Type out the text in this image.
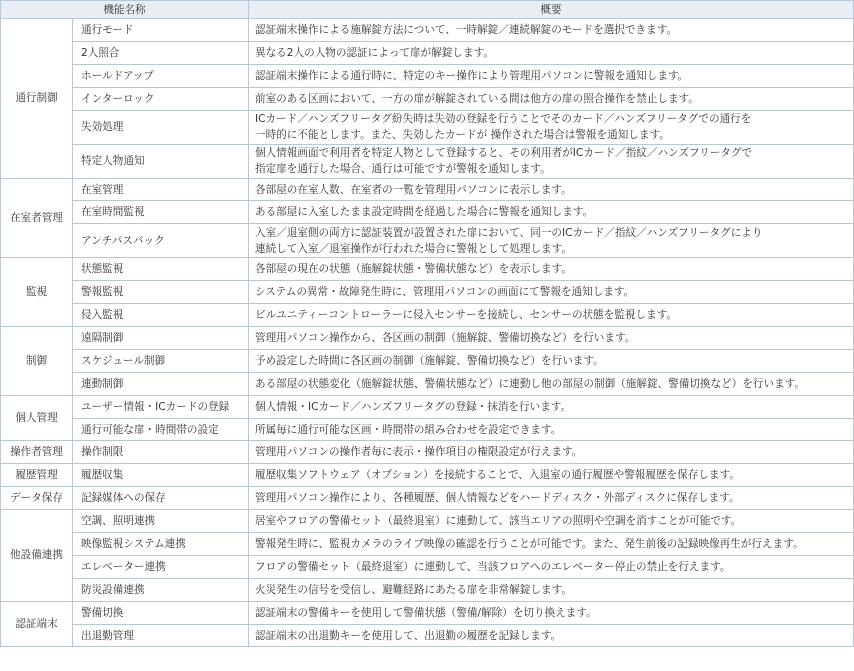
機能名称		概要
通行制御	通行モード	認証端末操作による施解錠方法について、一時解錠／連続解錠のモードを選択できます。

	2人照合	異なる2人の人物の認証によって扉が解錠します。

	ホールドアップ	認証端末操作による通行時に、特定のキー操作により管理用パソコンに警報を通知します。

	インターロック	前室のある区画において、一方の扉が解錠されている間は他方の扉の照合操作を禁止します。

	失効処理	ICカード／ハンズフリータグ紛失時は失効の登録を行うことでそのカード／ハンズフリータグでの通行を
一時的に不能とします。また、失効したカードが 操作された場合は警報を通知します。

	特定人物通知	個人情報画面で利用者を特定人物として登録すると、その利用者がICカード／指紋／ハンズフリータグで
指定扉を通行した場合、通行は可能ですが警報を通知します。

在室者管理	在室管理	各部屋の在室人数、在室者の一覧を管理用パソコンに表示します。

	在室時間監視	ある部屋に入室したまま設定時間を経過した場合に警報を通知します。

	アンチパスバック	入室／退室側の両方に認証装置が設置された扉において、同一のICカード／指紋／ハンズフリータグにより
連続して入室／退室操作が行われた場合に警報として処理します。

監視	状態監視	各部屋の現在の状態（施解錠状態・警備状態など）を表示します。

	警報監視	システムの異常・故障発生時に、管理用パソコンの画面にて警報を通知します。

	侵入監視	ビルユニティーコントローラーに侵入センサーを接続し、センサーの状態を監視します。

制御	遠隔制御	管理用パソコン操作から、各区画の制御（施解錠、警備切換など）を行います。

	スケジュール制御	予め設定した時間に各区画の制御（施解錠、警備切換など）を行います。

	連動制御	ある部屋の状態変化（施解錠状態、警備状態など）に連動し他の部屋の制御（施解錠、警備切換など）を行います。

個人管理	ユーザー情報・ICカードの登録	個人情報・ICカード／ハンズフリータグの登録・抹消を行います。

	通行可能な扉・時間帯の設定	所属毎に通行可能な区画・時間帯の組み合わせを設定できます。

操作者管理	操作制限	管理用パソコンの操作者毎に表示・操作項目の権限設定が行えます。

履歴管理	履歴収集	履歴収集ソフトウェア（オプション）を接続することで、入退室の通行履歴や警報履歴を保存します。

データ保存	記録媒体への保存	管理用パソコン操作により、各種履歴、個人情報などをハードディスク・外部ディスクに保存します。

他設備連携	空調、照明連携	居室やフロアの警備セット（最終退室）に連動して、該当エリアの照明や空調を消すことが可能です。

	映像監視システム連携	警報発生時に、監視カメラのライブ映像の確認を行うことが可能です。また、発生前後の記録映像再生が行えます。

	エレベーター連携	フロアの警備セット（最終退室）に連動して、当該フロアへのエレベーター停止の禁止を行えます。

	防災設備連携	火災発生の信号を受信し、避難経路にあたる扉を非常解錠します。

認証端末	警備切換	認証端末の警備キーを使用して警備状態（警備/解除）を切り換えます。

	出退勤管理	認証端末の出退勤キーを使用して、出退勤の履歴を記録します。
